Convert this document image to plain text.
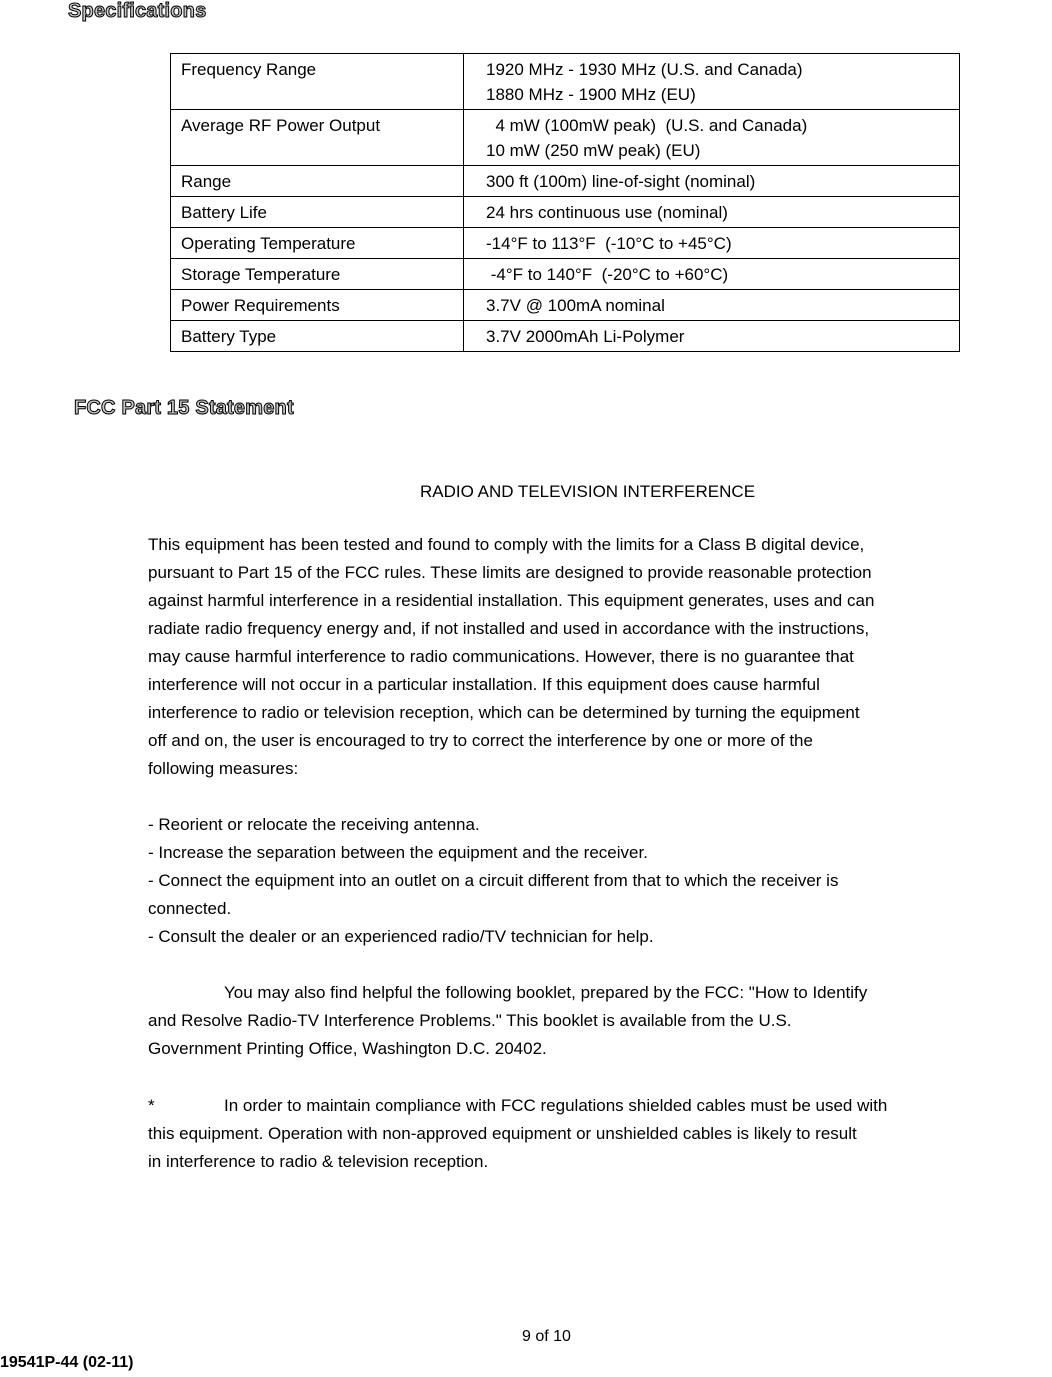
Specifications
Frequency Range	1920 MHz - 1930 MHz (U.S. and Canada)
1880 MHz - 1900 MHz (EU)

Average RF Power Output	4 mW (100mW peak)  (U.S. and Canada)
10 mW (250 mW peak) (EU)

Range	300 ft (100m) line-of-sight (nominal)

Battery Life	24 hrs continuous use (nominal)

Operating Temperature	-14°F to 113°F  (-10°C to +45°C)

Storage Temperature	-4°F to 140°F  (-20°C to +60°C)

Power Requirements	3.7V @ 100mA nominal

Battery Type	3.7V 2000mAh Li-Polymer
FCC Part 15 Statement
RADIO AND TELEVISION INTERFERENCE
This equipment has been tested and found to comply with the limits for a Class B digital device,
pursuant to Part 15 of the FCC rules. These limits are designed to provide reasonable protection
against harmful interference in a residential installation. This equipment generates, uses and can
radiate radio frequency energy and, if not installed and used in accordance with the instructions,
may cause harmful interference to radio communications. However, there is no guarantee that
interference will not occur in a particular installation. If this equipment does cause harmful
interference to radio or television reception, which can be determined by turning the equipment
off and on, the user is encouraged to try to correct the interference by one or more of the
following measures:
- Reorient or relocate the receiving antenna.
- Increase the separation between the equipment and the receiver.
- Connect the equipment into an outlet on a circuit different from that to which the receiver is
connected.
- Consult the dealer or an experienced radio/TV technician for help.
You may also find helpful the following booklet, prepared by the FCC: "How to Identify
and Resolve Radio-TV Interference Problems." This booklet is available from the U.S.
Government Printing Office, Washington D.C. 20402.
*	In order to maintain compliance with FCC regulations shielded cables must be used with
this equipment. Operation with non-approved equipment or unshielded cables is likely to result
in interference to radio & television reception.
9 of 10
19541P-44 (02-11)
